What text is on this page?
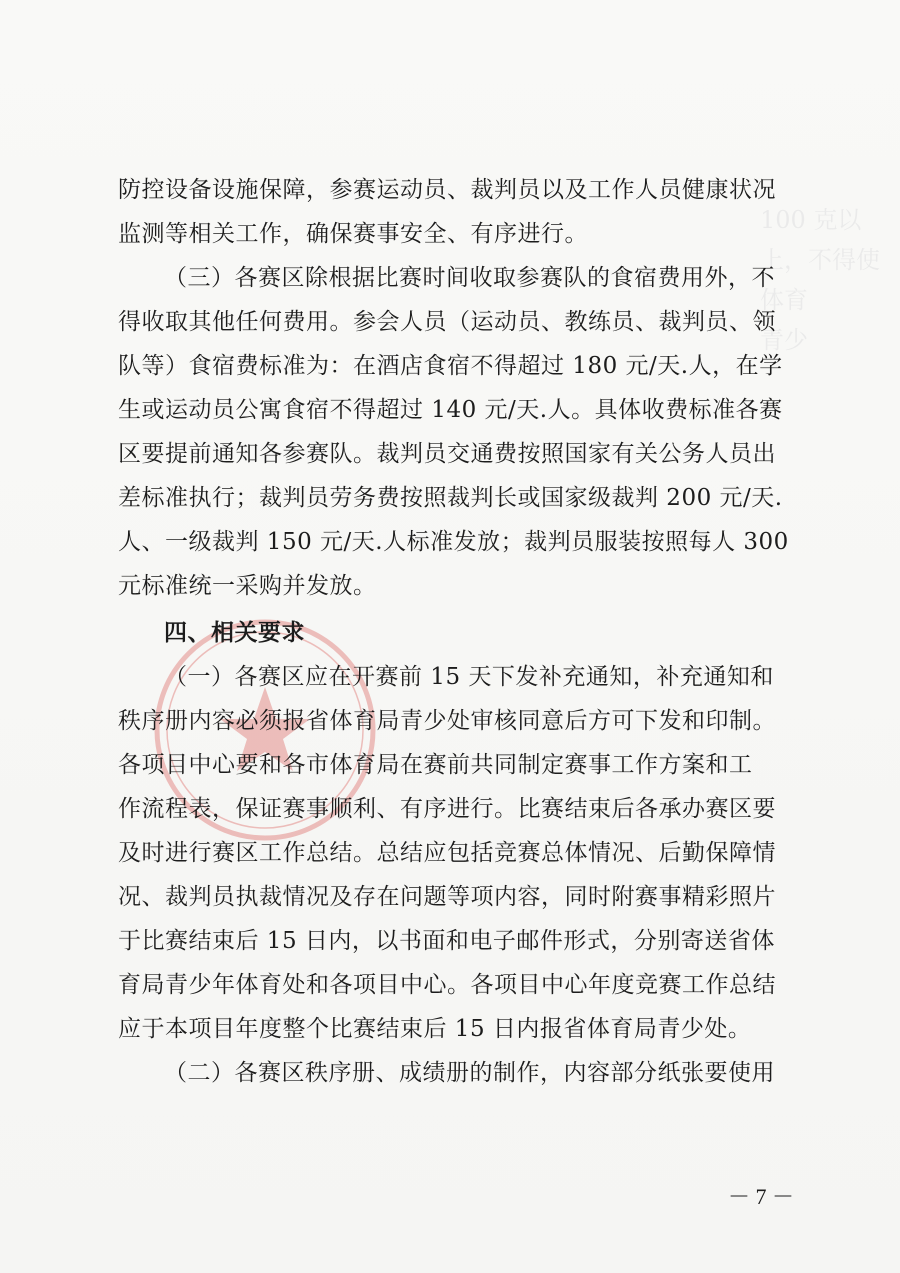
100 克以上，不得使
体育
青少
防控设备设施保障，参赛运动员、裁判员以及工作人员健康状况
监测等相关工作，确保赛事安全、有序进行。
（三）各赛区除根据比赛时间收取参赛队的食宿费用外，不
得收取其他任何费用。参会人员（运动员、教练员、裁判员、领
队等）食宿费标准为：在酒店食宿不得超过 180 元/天.人，在学
生或运动员公寓食宿不得超过 140 元/天.人。具体收费标准各赛
区要提前通知各参赛队。裁判员交通费按照国家有关公务人员出
差标准执行；裁判员劳务费按照裁判长或国家级裁判 200 元/天.
人、一级裁判 150 元/天.人标准发放；裁判员服装按照每人 300
元标准统一采购并发放。
四、相关要求
（一）各赛区应在开赛前 15 天下发补充通知，补充通知和
秩序册内容必须报省体育局青少处审核同意后方可下发和印制。
各项目中心要和各市体育局在赛前共同制定赛事工作方案和工
作流程表，保证赛事顺利、有序进行。比赛结束后各承办赛区要
及时进行赛区工作总结。总结应包括竞赛总体情况、后勤保障情
况、裁判员执裁情况及存在问题等项内容，同时附赛事精彩照片
于比赛结束后 15 日内，以书面和电子邮件形式，分别寄送省体
育局青少年体育处和各项目中心。各项目中心年度竞赛工作总结
应于本项目年度整个比赛结束后 15 日内报省体育局青少处。
（二）各赛区秩序册、成绩册的制作，内容部分纸张要使用
－ 7 －
